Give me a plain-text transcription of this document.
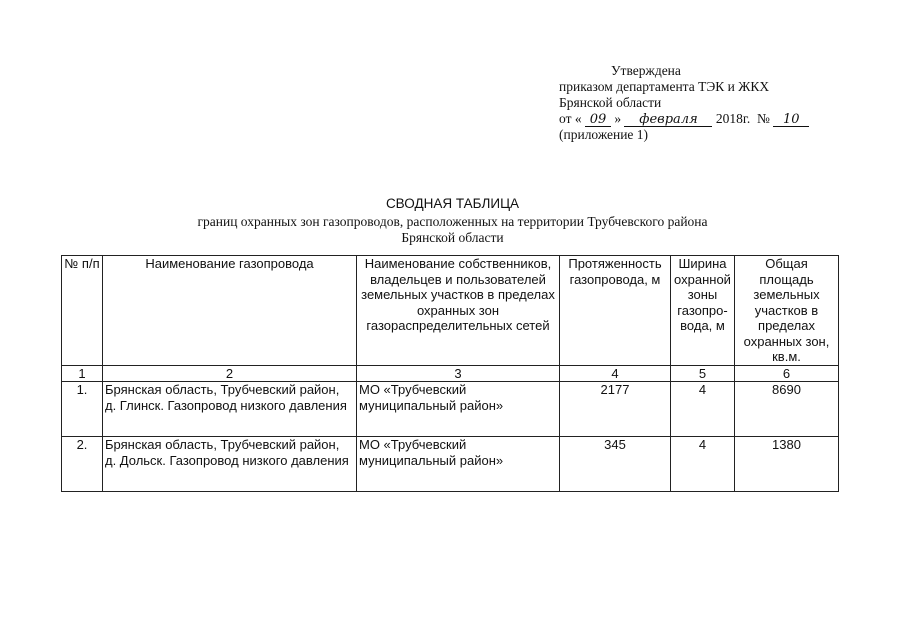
Утверждена
приказом департамента ТЭК и ЖКХ
Брянской области
от « 09 » февраля 2018г. № 10
(приложение 1)
СВОДНАЯ ТАБЛИЦА
границ охранных зон газопроводов, расположенных на территории Трубчевского района
Брянской области
№ п/п	Наименование газопровода	Наименование собственников, владельцев и пользователей земельных участков в пределах охранных зон газораспределительных сетей	Протяженность газопровода, м	Ширина охранной зоны газопро-вода, м	Общая площадь земельных участков в пределах охранных зон, кв.м.
1	2	3	4	5	6
1.	Брянская область, Трубчевский район, д. Глинск. Газопровод низкого давления	МО «Трубчевский муниципальный район»	2177	4	8690
2.	Брянская область, Трубчевский район, д. Дольск. Газопровод низкого давления	МО «Трубчевский муниципальный район»	345	4	1380
